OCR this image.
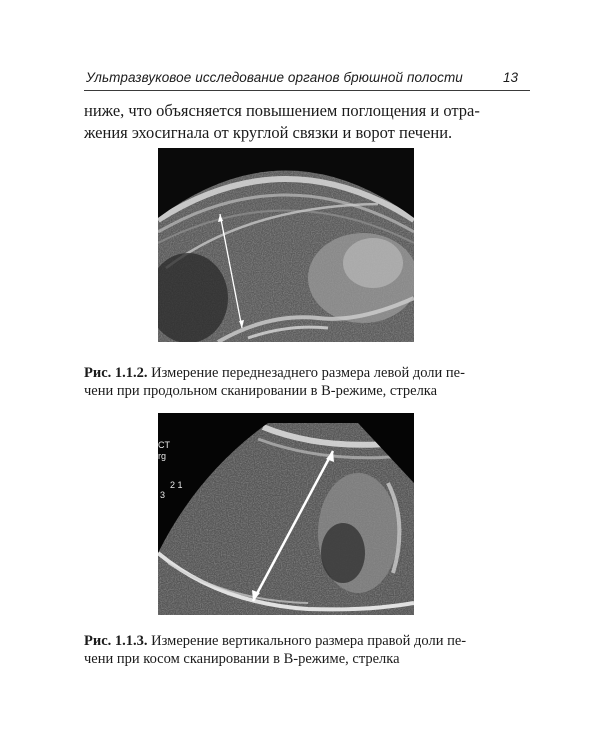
Ультразвуковое исследование органов брюшной полости	13
ниже, что объясняется повышением поглощения и отра-
жения эхосигнала от круглой связки и ворот печени.
Рис. 1.1.2. Измерение переднезаднего размера левой доли пе-
чени при продольном сканировании в В-режиме, стрелка
CT
rg
2 1
3
Рис. 1.1.3. Измерение вертикального размера правой доли пе-
чени при косом сканировании в В-режиме, стрелка
